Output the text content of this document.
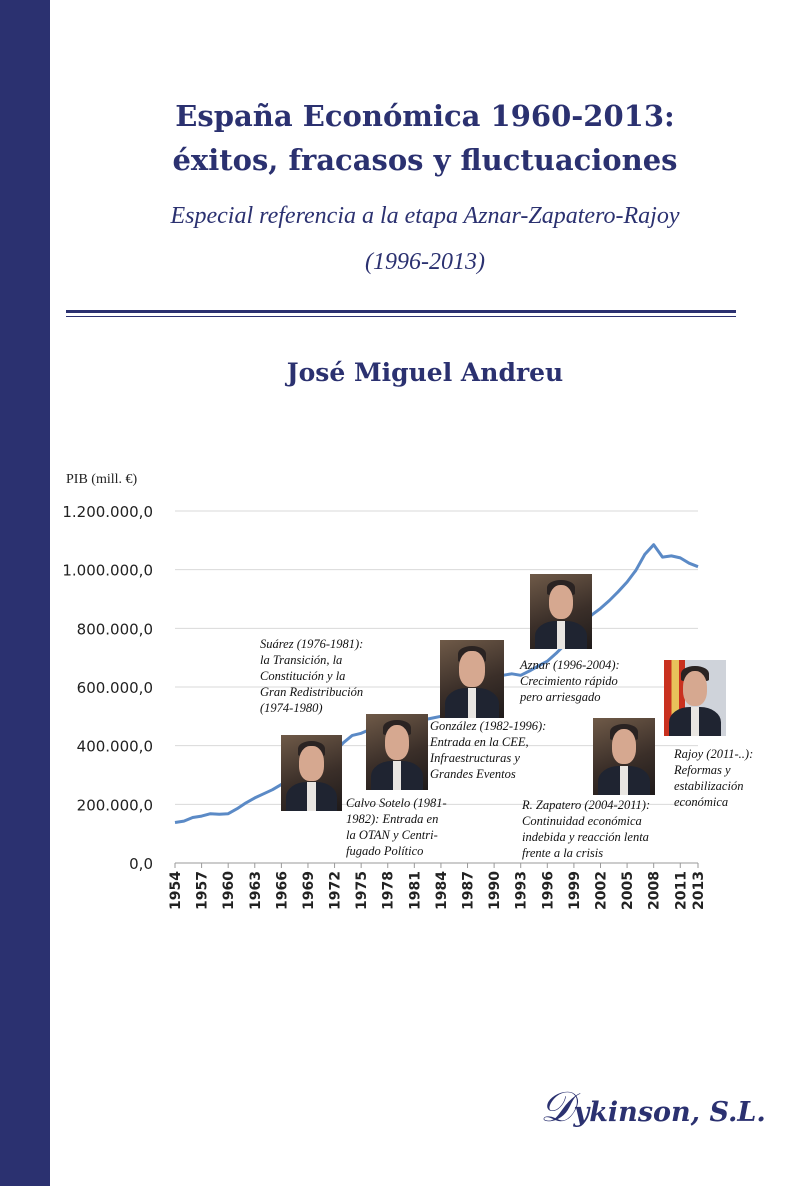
España Económica 1960-2013:
éxitos, fracasos y fluctuaciones
Especial referencia a la etapa Aznar-Zapatero-Rajoy
(1996-2013)
José Miguel Andreu
PIB (mill. €)
0,0
200.000,0
400.000,0
600.000,0
800.000,0
1.000.000,0
1.200.000,0
1954 1957 1960 1963 1966 1969 1972 1975 1978 1981 1984 1987 1990 1993 1996 1999 2002 2005 2008 2011 2013
Suárez (1976-1981):
la Transición, la
Constitución y la
Gran Redistribución
(1974-1980)
Calvo Sotelo (1981-
1982): Entrada en
la OTAN y Centri-
fugado Político
González (1982-1996):
Entrada en la CEE,
Infraestructuras y
Grandes Eventos
Aznar (1996-2004):
Crecimiento rápido
pero arriesgado
R. Zapatero (2004-2011):
Continuidad económica
indebida y reacción lenta
frente a la crisis
Rajoy (2011-..):
Reformas y
estabilización
económica
𝒟ykinson, S.L.
